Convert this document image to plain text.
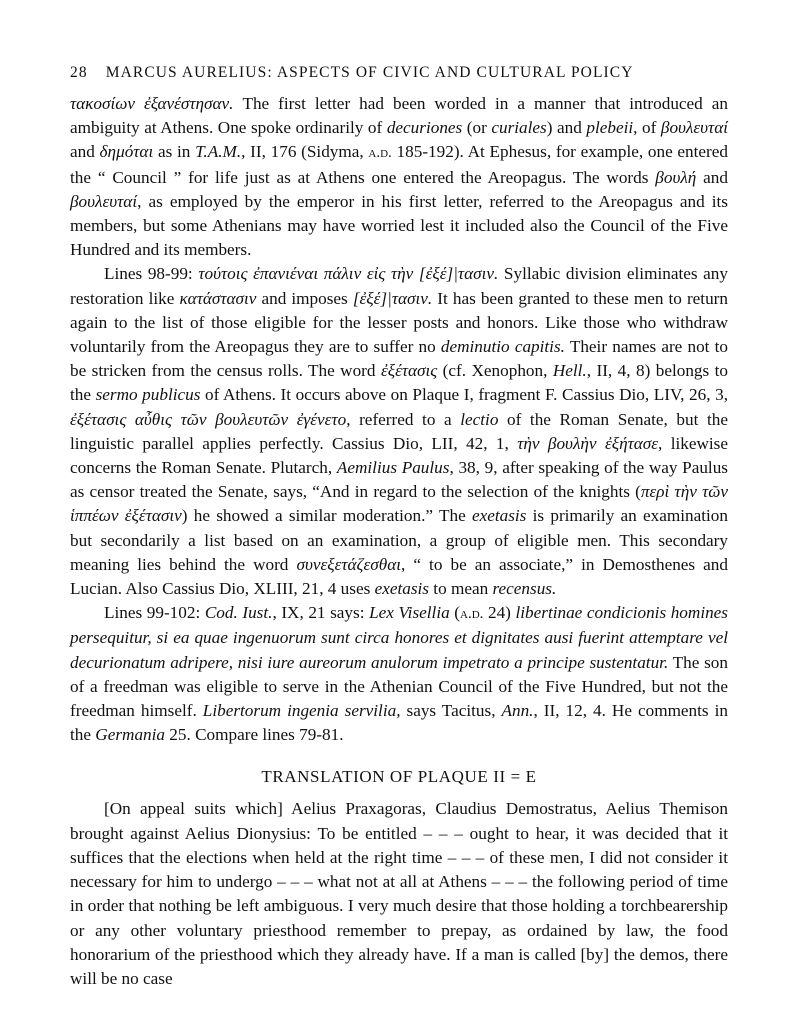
28 MARCUS AURELIUS: ASPECTS OF CIVIC AND CULTURAL POLICY

τακοσίων ἐξανέστησαν. The first letter had been worded in a manner that introduced an ambiguity at Athens. One spoke ordinarily of decuriones (or curiales) and plebeii, of βουλευταί and δημόται as in T.A.M., II, 176 (Sidyma, a.d. 185-192). At Ephesus, for example, one entered the “ Council ” for life just as at Athens one entered the Areopagus. The words βουλή and βουλευταί, as employed by the emperor in his first letter, referred to the Areopagus and its members, but some Athenians may have worried lest it included also the Council of the Five Hundred and its members.

Lines 98-99: τούτοις ἐπανιέναι πάλιν εἰς τὴν [ἐξέ]|τασιν. Syllabic division eliminates any restoration like κατάστασιν and imposes [ἐξέ]|τασιν. It has been granted to these men to return again to the list of those eligible for the lesser posts and honors. Like those who withdraw voluntarily from the Areopagus they are to suffer no deminutio capitis. Their names are not to be stricken from the census rolls. The word ἐξέτασις (cf. Xenophon, Hell., II, 4, 8) belongs to the sermo publicus of Athens. It occurs above on Plaque I, fragment F. Cassius Dio, LIV, 26, 3, ἐξέτασις αὖθις τῶν βουλευτῶν ἐγένετο, referred to a lectio of the Roman Senate, but the linguistic parallel applies perfectly. Cassius Dio, LII, 42, 1, τὴν βουλὴν ἐξήτασε, likewise concerns the Roman Senate. Plutarch, Aemilius Paulus, 38, 9, after speaking of the way Paulus as censor treated the Senate, says, “And in regard to the selection of the knights (περὶ τὴν τῶν ἱππέων ἐξέτασιν) he showed a similar moderation.” The exetasis is primarily an examination but secondarily a list based on an examination, a group of eligible men. This secondary meaning lies behind the word συνεξετάζεσθαι, “ to be an associate,” in Demosthenes and Lucian. Also Cassius Dio, XLIII, 21, 4 uses exetasis to mean recensus.

Lines 99-102: Cod. Iust., IX, 21 says: Lex Visellia (a.d. 24) libertinae condicionis homines persequitur, si ea quae ingenuorum sunt circa honores et dignitates ausi fuerint attemptare vel decurionatum adripere, nisi iure aureorum anulorum impetrato a principe sustentatur. The son of a freedman was eligible to serve in the Athenian Council of the Five Hundred, but not the freedman himself. Libertorum ingenia servilia, says Tacitus, Ann., II, 12, 4. He comments in the Germania 25. Compare lines 79-81.

TRANSLATION OF PLAQUE II = E

[On appeal suits which] Aelius Praxagoras, Claudius Demostratus, Aelius Themison brought against Aelius Dionysius: To be entitled – – – ought to hear, it was decided that it suffices that the elections when held at the right time – – – of these men, I did not consider it necessary for him to undergo – – – what not at all at Athens – – – the following period of time in order that nothing be left ambiguous. I very much desire that those holding a torchbearership or any other voluntary priesthood remember to prepay, as ordained by law, the food honorarium of the priesthood which they already have. If a man is called [by] the demos, there will be no case
